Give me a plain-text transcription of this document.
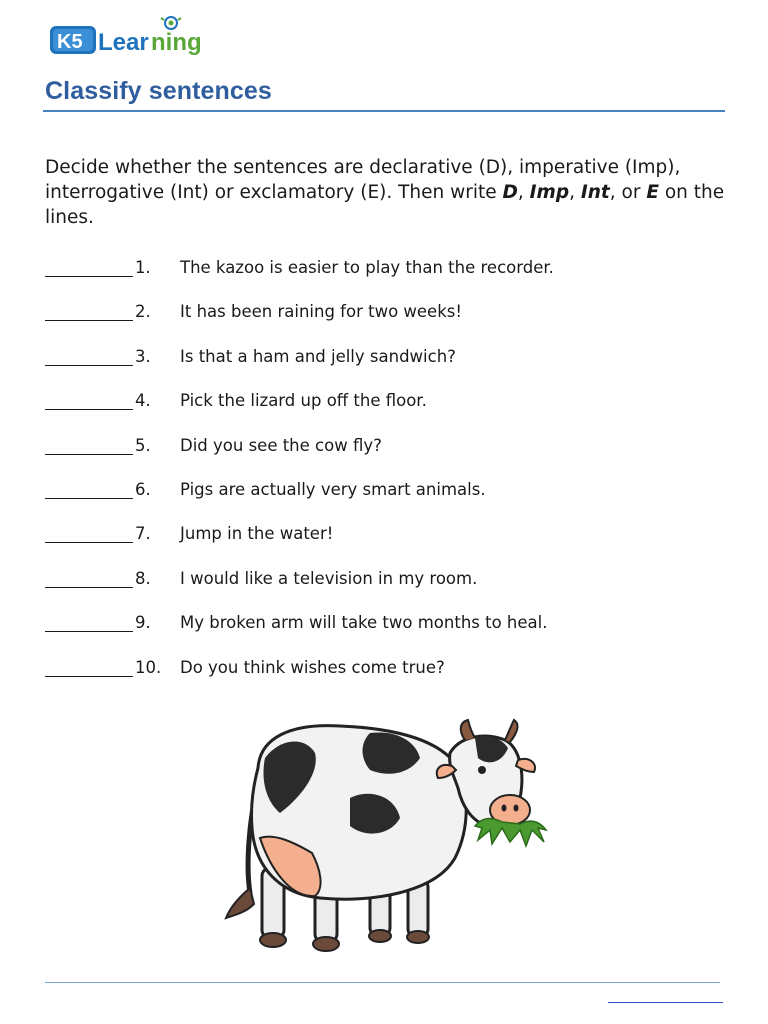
K5 Lear ning
Classify sentences
Decide whether the sentences are declarative (D), imperative (Imp), interrogative (Int) or exclamatory (E). Then write D, Imp, Int, or E on the lines.
1. The kazoo is easier to play than the recorder.
2. It has been raining for two weeks!
3. Is that a ham and jelly sandwich?
4. Pick the lizard up off the floor.
5. Did you see the cow fly?
6. Pigs are actually very smart animals.
7. Jump in the water!
8. I would like a television in my room.
9. My broken arm will take two months to heal.
10. Do you think wishes come true?
